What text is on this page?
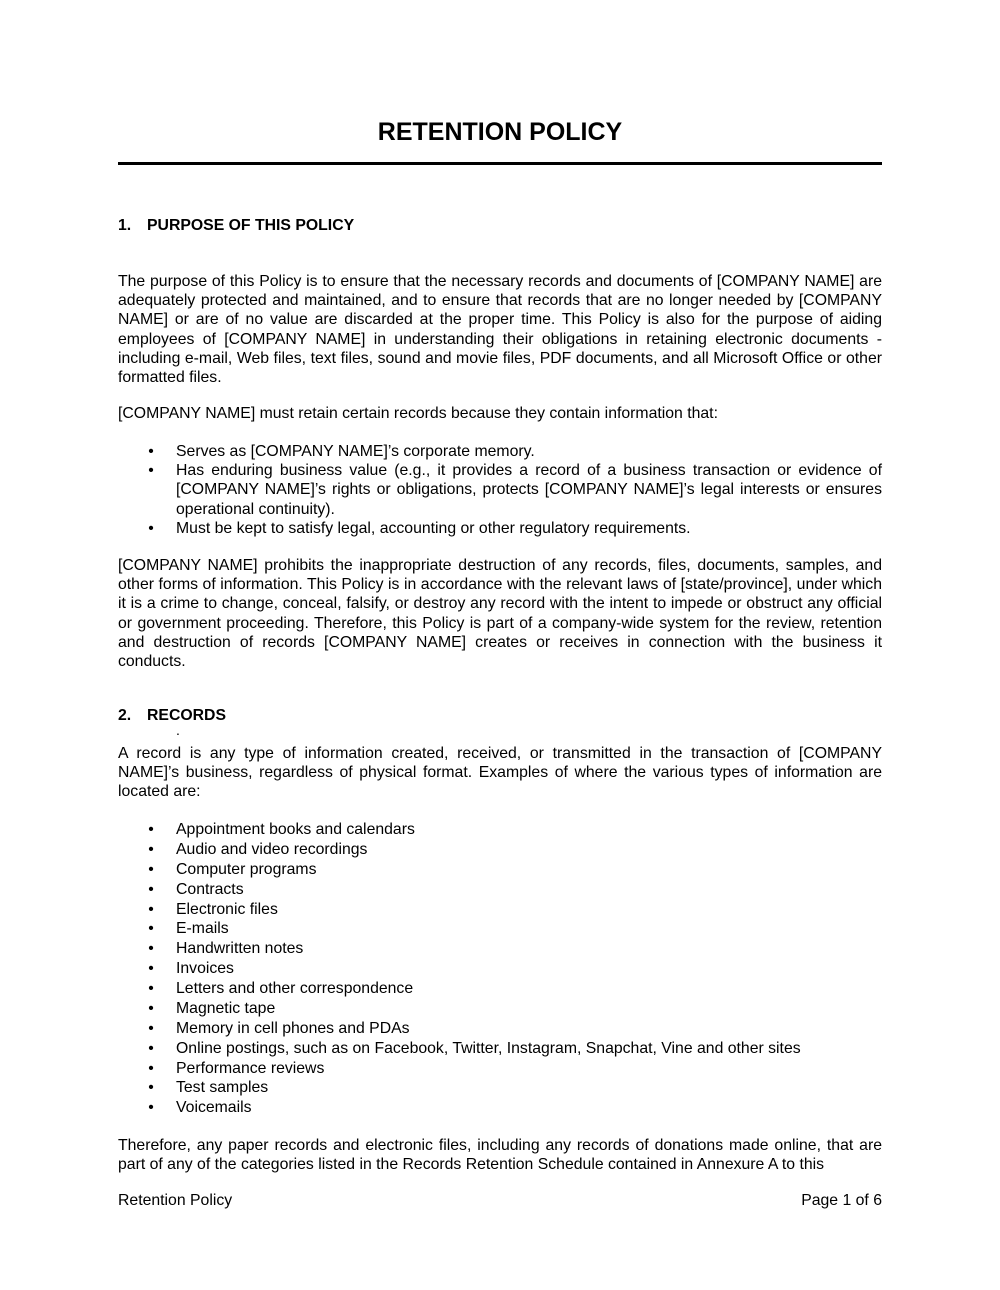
RETENTION POLICY
1. PURPOSE OF THIS POLICY

The purpose of this Policy is to ensure that the necessary records and documents of [COMPANY NAME] are adequately protected and maintained, and to ensure that records that are no longer needed by [COMPANY NAME] or are of no value are discarded at the proper time. This Policy is also for the purpose of aiding employees of [COMPANY NAME] in understanding their obligations in retaining electronic documents - including e-mail, Web files, text files, sound and movie files, PDF documents, and all Microsoft Office or other formatted files.

[COMPANY NAME] must retain certain records because they contain information that:

• Serves as [COMPANY NAME]’s corporate memory.
• Has enduring business value (e.g., it provides a record of a business transaction or evidence of [COMPANY NAME]’s rights or obligations, protects [COMPANY NAME]’s legal interests or ensures operational continuity).
• Must be kept to satisfy legal, accounting or other regulatory requirements.

[COMPANY NAME] prohibits the inappropriate destruction of any records, files, documents, samples, and other forms of information. This Policy is in accordance with the relevant laws of [state/province], under which it is a crime to change, conceal, falsify, or destroy any record with the intent to impede or obstruct any official or government proceeding. Therefore, this Policy is part of a company-wide system for the review, retention and destruction of records [COMPANY NAME] creates or receives in connection with the business it conducts.

2. RECORDS
.

A record is any type of information created, received, or transmitted in the transaction of [COMPANY NAME]’s business, regardless of physical format. Examples of where the various types of information are located are:

• Appointment books and calendars
• Audio and video recordings
• Computer programs
• Contracts
• Electronic files
• E-mails
• Handwritten notes
• Invoices
• Letters and other correspondence
• Magnetic tape
• Memory in cell phones and PDAs
• Online postings, such as on Facebook, Twitter, Instagram, Snapchat, Vine and other sites
• Performance reviews
• Test samples
• Voicemails

Therefore, any paper records and electronic files, including any records of donations made online, that are part of any of the categories listed in the Records Retention Schedule contained in Annexure A to this

Retention Policy	Page 1 of 6
